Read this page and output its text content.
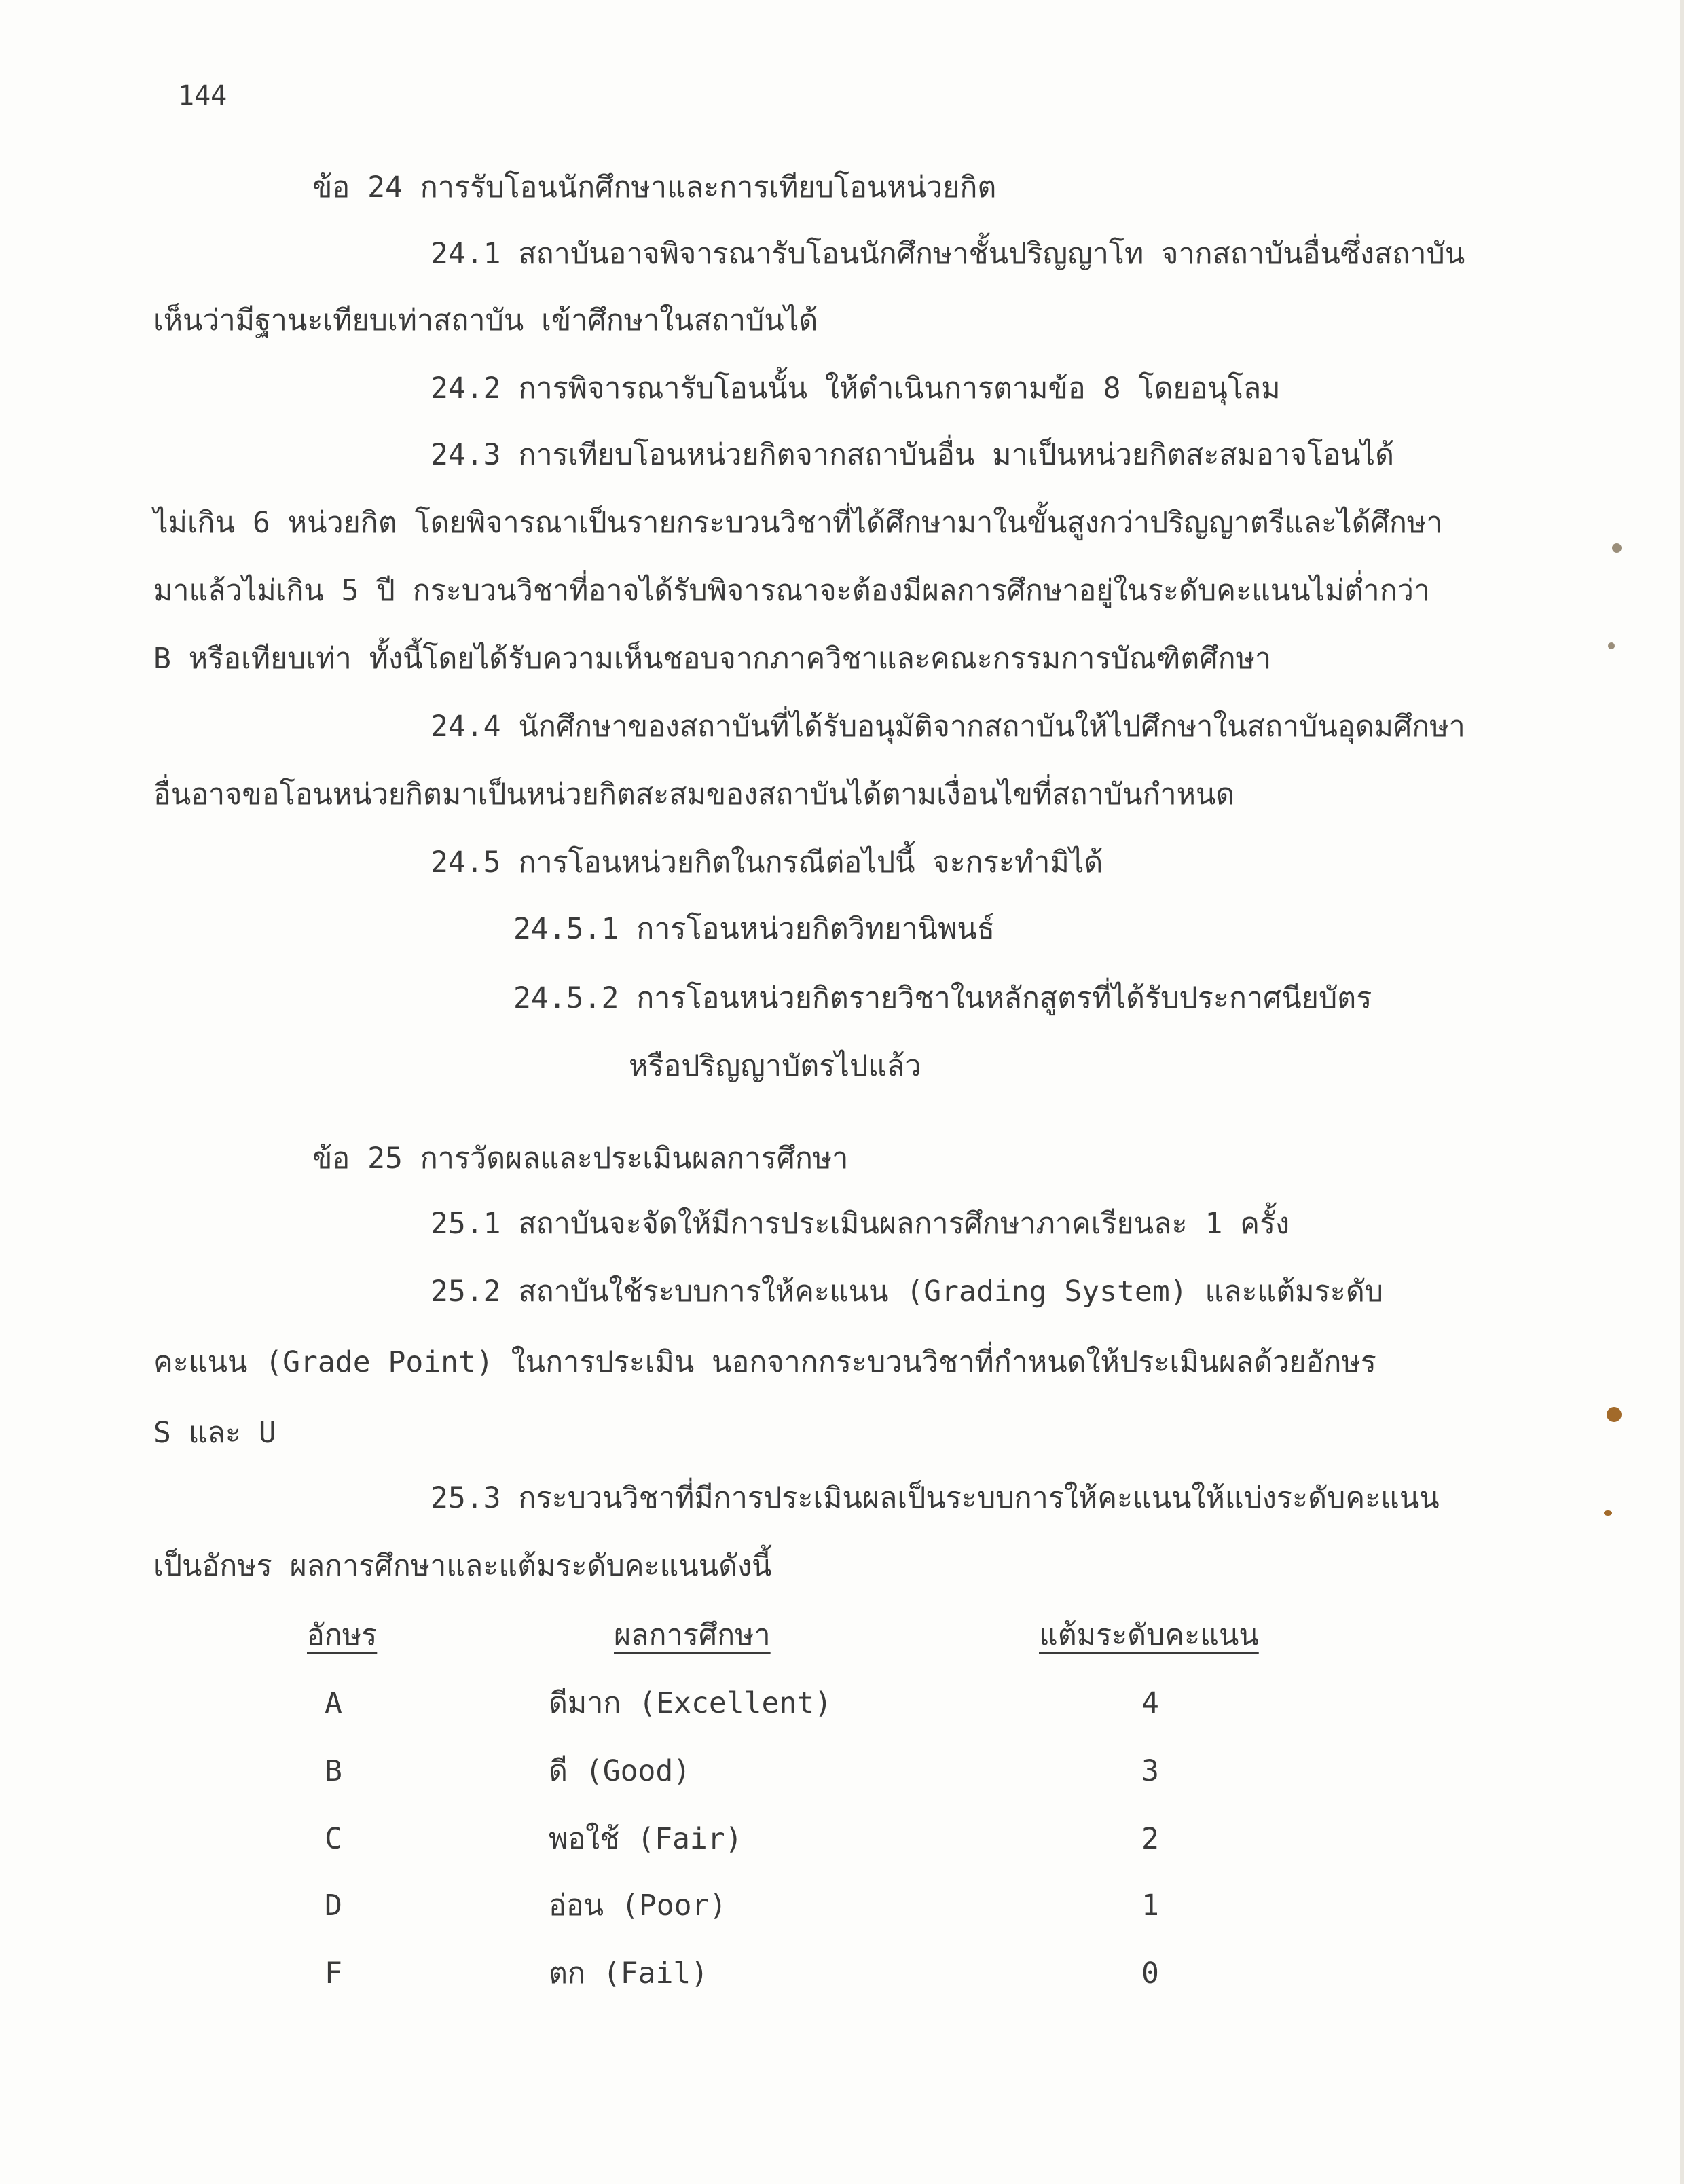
144
ข้อ 24 การรับโอนนักศึกษาและการเทียบโอนหน่วยกิต
24.1 สถาบันอาจพิจารณารับโอนนักศึกษาชั้นปริญญาโท จากสถาบันอื่นซึ่งสถาบัน
เห็นว่ามีฐานะเทียบเท่าสถาบัน เข้าศึกษาในสถาบันได้
24.2 การพิจารณารับโอนนั้น ให้ดำเนินการตามข้อ 8 โดยอนุโลม
24.3 การเทียบโอนหน่วยกิตจากสถาบันอื่น มาเป็นหน่วยกิตสะสมอาจโอนได้
ไม่เกิน 6 หน่วยกิต โดยพิจารณาเป็นรายกระบวนวิชาที่ได้ศึกษามาในขั้นสูงกว่าปริญญาตรีและได้ศึกษา
มาแล้วไม่เกิน 5 ปี กระบวนวิชาที่อาจได้รับพิจารณาจะต้องมีผลการศึกษาอยู่ในระดับคะแนนไม่ต่ำกว่า
B หรือเทียบเท่า ทั้งนี้โดยได้รับความเห็นชอบจากภาควิชาและคณะกรรมการบัณฑิตศึกษา
24.4 นักศึกษาของสถาบันที่ได้รับอนุมัติจากสถาบันให้ไปศึกษาในสถาบันอุดมศึกษา
อื่นอาจขอโอนหน่วยกิตมาเป็นหน่วยกิตสะสมของสถาบันได้ตามเงื่อนไขที่สถาบันกำหนด
24.5 การโอนหน่วยกิตในกรณีต่อไปนี้ จะกระทำมิได้
24.5.1 การโอนหน่วยกิตวิทยานิพนธ์
24.5.2 การโอนหน่วยกิตรายวิชาในหลักสูตรที่ได้รับประกาศนียบัตร
หรือปริญญาบัตรไปแล้ว
ข้อ 25 การวัดผลและประเมินผลการศึกษา
25.1 สถาบันจะจัดให้มีการประเมินผลการศึกษาภาคเรียนละ 1 ครั้ง
25.2 สถาบันใช้ระบบการให้คะแนน (Grading System) และแต้มระดับ
คะแนน (Grade Point) ในการประเมิน นอกจากกระบวนวิชาที่กำหนดให้ประเมินผลด้วยอักษร
S และ U
25.3 กระบวนวิชาที่มีการประเมินผลเป็นระบบการให้คะแนนให้แบ่งระดับคะแนน
เป็นอักษร ผลการศึกษาและแต้มระดับคะแนนดังนี้
อักษร	ผลการศึกษา	แต้มระดับคะแนน
A	ดีมาก (Excellent)	4
B	ดี (Good)	3
C	พอใช้ (Fair)	2
D	อ่อน (Poor)	1
F	ตก (Fail)	0
